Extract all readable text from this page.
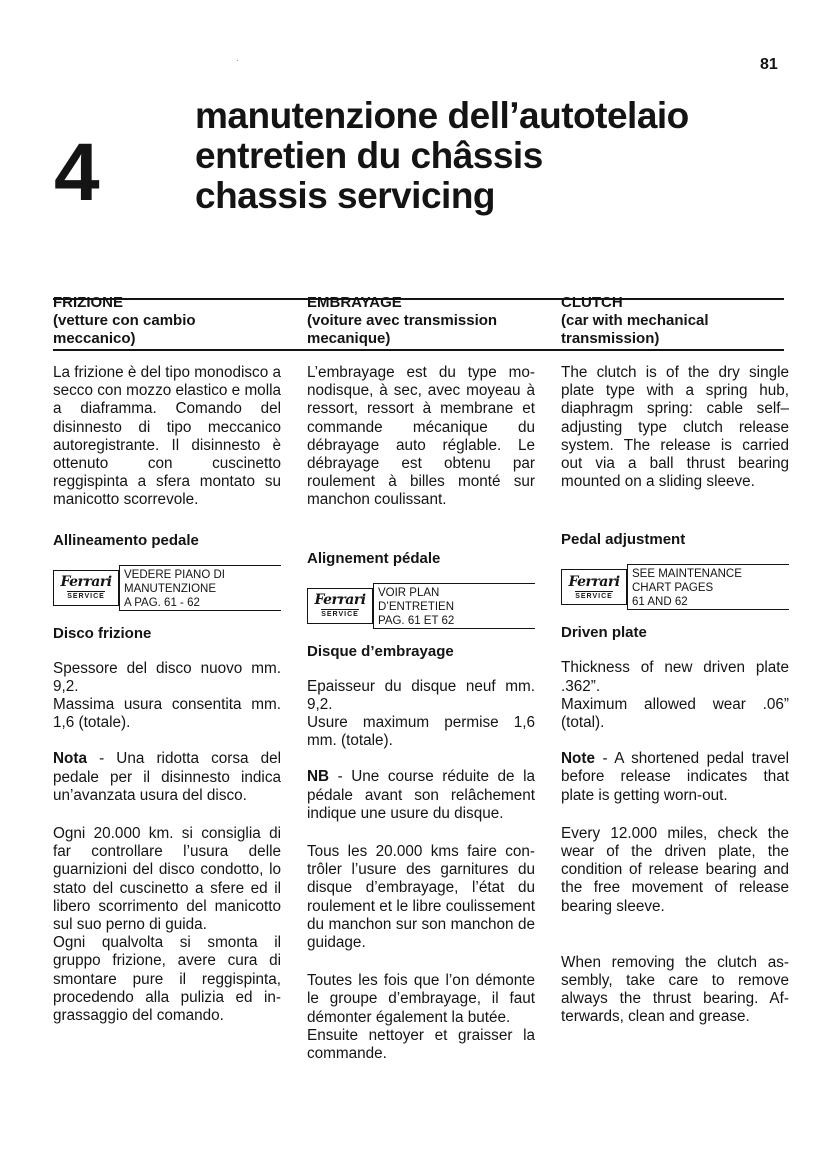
81
4
manutenzione dell’autotelaio
entretien du châssis
chassis servicing
FRIZIONE
(vetture con cambio meccanico)

La frizione è del tipo monodisco a secco con mozzo elastico e molla a diaframma. Comando del disinnesto di tipo meccanico autoregistrante. Il disinnesto è ottenuto con cuscinetto reggispinta a sfera montato su manicotto scorrevole.

Allineamento pedale

Ferrari
SERVICE
VEDERE PIANO DI
MANUTENZIONE
A PAG. 61 - 62

Disco frizione

Spessore del disco nuovo mm. 9,2.

Massima usura consentita mm. 1,6 (totale).

Nota - Una ridotta corsa del pedale per il disinnesto indica un’avanzata usura del disco.

Ogni 20.000 km. si consiglia di far controllare l’usura delle guarnizioni del disco condotto, lo stato del cuscinetto a sfere ed il libero scorrimento del manicotto sul suo perno di guida.

Ogni qualvolta si smonta il gruppo frizione, avere cura di smontare pure il reggispinta, procedendo alla pulizia ed ingrassaggio del comando.

EMBRAYAGE
(voiture avec transmission mecanique)

L’embrayage est du type monodisque, à sec, avec moyeau à ressort, ressort à membrane et commande mécanique du débrayage auto réglable. Le débrayage est obtenu par roulement à billes monté sur manchon coulissant.

Alignement pédale

Ferrari
SERVICE
VOIR PLAN
D’ENTRETIEN
PAG. 61 ET 62

Disque d’embrayage

Epaisseur du disque neuf mm. 9,2.

Usure maximum permise 1,6 mm. (totale).

NB - Une course réduite de la pédale avant son relâchement indique une usure du disque.

Tous les 20.000 kms faire contrôler l’usure des garnitures du disque d’embrayage, l’état du roulement et le libre coulissement du manchon sur son manchon de guidage.

Toutes les fois que l’on démonte le groupe d’embrayage, il faut démonter également la butée.

Ensuite nettoyer et graisser la commande.

CLUTCH
(car with mechanical transmission)

The clutch is of the dry single plate type with a spring hub, diaphragm spring: cable self– adjusting type clutch release system. The release is carried out via a ball thrust bearing mounted on a sliding sleeve.

Pedal adjustment

Ferrari
SERVICE
SEE MAINTENANCE
CHART PAGES
61 AND 62

Driven plate

Thickness of new driven plate .362”.

Maximum allowed wear .06” (total).

Note - A shortened pedal travel before release indicates that plate is getting worn-out.

Every 12.000 miles, check the wear of the driven plate, the condition of release bearing and the free movement of release bearing sleeve.

When removing the clutch assembly, take care to remove always the thrust bearing. Afterwards, clean and grease.
